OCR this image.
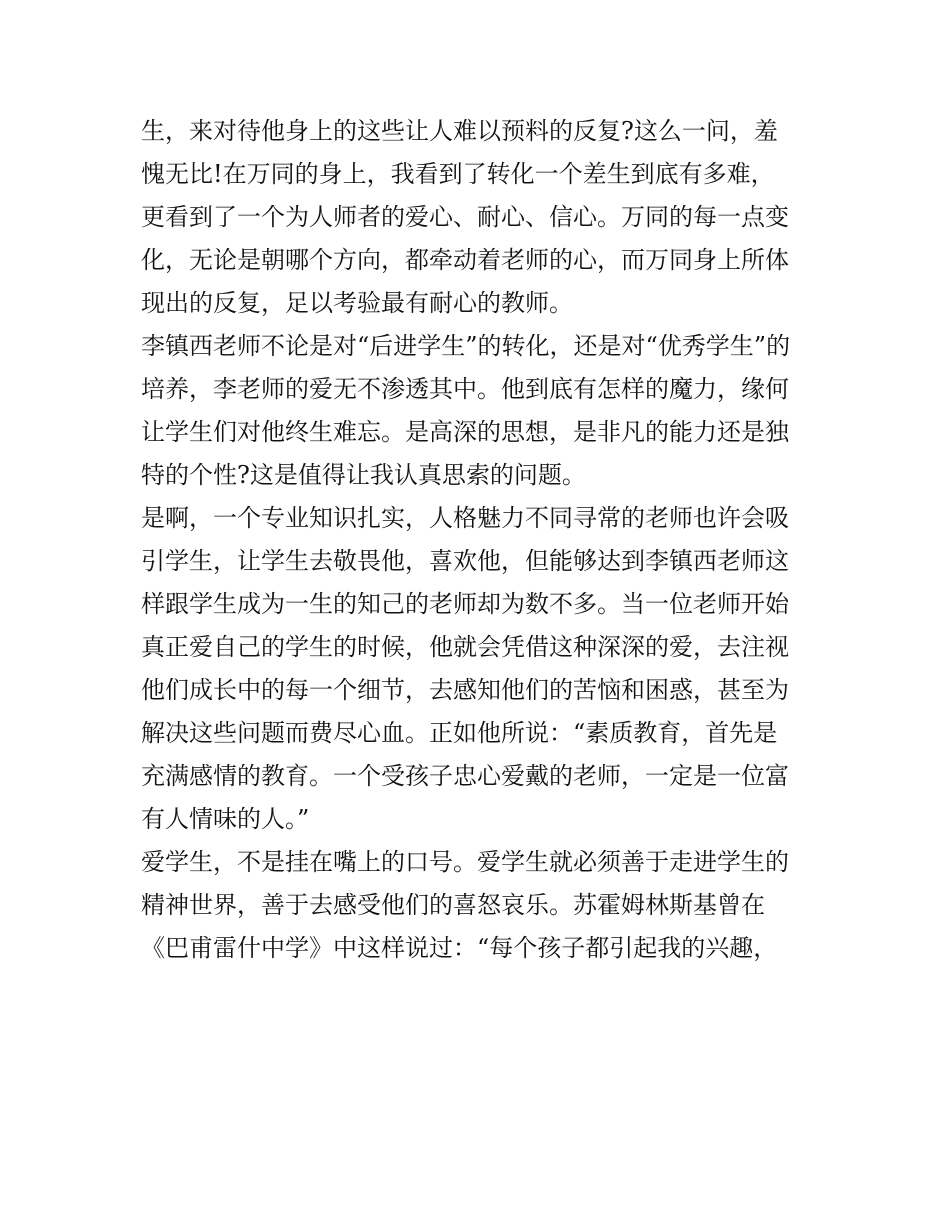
生，来对待他身上的这些让人难以预料的反复?这么一问，羞
愧无比!在万同的身上，我看到了转化一个差生到底有多难，
更看到了一个为人师者的爱心、耐心、信心。万同的每一点变
化，无论是朝哪个方向，都牵动着老师的心，而万同身上所体
现出的反复，足以考验最有耐心的教师。
李镇西老师不论是对“后进学生”的转化，还是对“优秀学生”的
培养，李老师的爱无不渗透其中。他到底有怎样的魔力，缘何
让学生们对他终生难忘。是高深的思想，是非凡的能力还是独
特的个性?这是值得让我认真思索的问题。
是啊，一个专业知识扎实，人格魅力不同寻常的老师也许会吸
引学生，让学生去敬畏他，喜欢他，但能够达到李镇西老师这
样跟学生成为一生的知己的老师却为数不多。当一位老师开始
真正爱自己的学生的时候，他就会凭借这种深深的爱，去注视
他们成长中的每一个细节，去感知他们的苦恼和困惑，甚至为
解决这些问题而费尽心血。正如他所说：“素质教育，首先是
充满感情的教育。一个受孩子忠心爱戴的老师，一定是一位富
有人情味的人。”
爱学生，不是挂在嘴上的口号。爱学生就必须善于走进学生的
精神世界，善于去感受他们的喜怒哀乐。苏霍姆林斯基曾在
《巴甫雷什中学》中这样说过：“每个孩子都引起我的兴趣，
